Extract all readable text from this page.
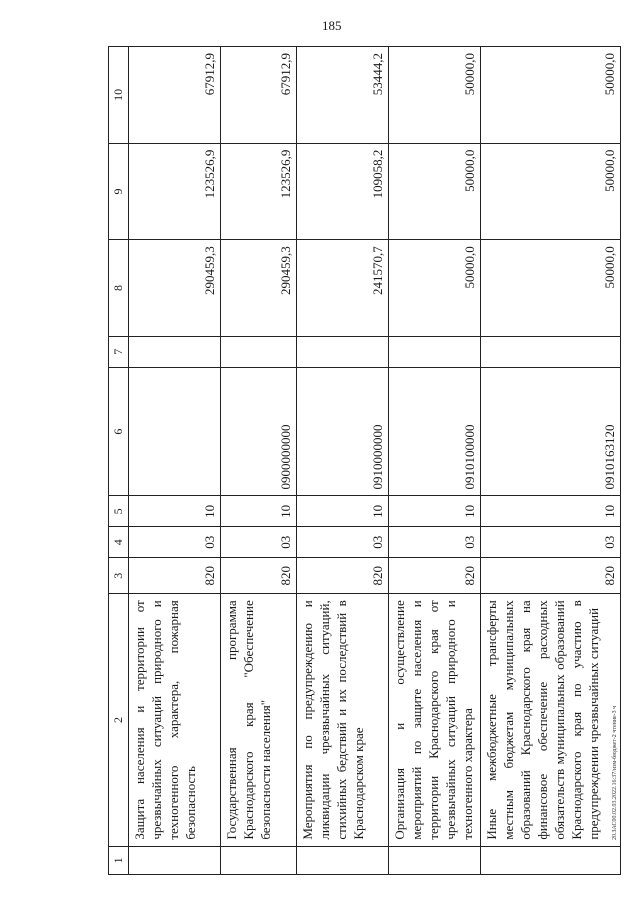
185
20.ЗАС00.02.03.2022.16:37/изм-бюджет-2 чтение-3 ч
1	2	3	4	5	6	7	8	9	10
	Защита населения и территории от чрезвычайных ситуаций природного и техногенного характера, пожарная безопасность	820	03	10			290459,3	123526,9	67912,9
	Государственная программа Краснодарского края "Обеспечение безопасности населения"	820	03	10	0900000000		290459,3	123526,9	67912,9
	Мероприятия по предупреждению и ликвидации чрезвычайных ситуаций, стихийных бедствий и их последствий в Краснодарском крае	820	03	10	0910000000		241570,7	109058,2	53444,2
	Организация и осуществление мероприятий по защите населения и территории Краснодарского края от чрезвычайных ситуаций природного и техногенного характера	820	03	10	0910100000		50000,0	50000,0	50000,0
	Иные межбюджетные трансферты местным бюджетам муниципальных образований Краснодарского края на финансовое обеспечение расходных обязательств муниципальных образований Краснодарского края по участию в предупреждении чрезвычайных ситуаций	820	03	10	0910163120		50000,0	50000,0	50000,0
